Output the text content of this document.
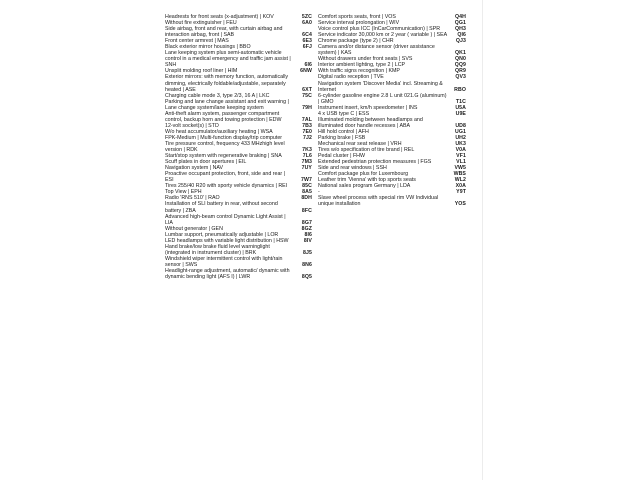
Headrests for front seats (x-adjustment) | KOV	5ZC
Without fire extinguisher | FEU	6A0
Side airbag, front and rear, with curtain airbag and interaction airbag, front | SAB	6C4
Front center armrest | MAS	6E3
Black exterior mirror housings | BBO	6FJ
Lane keeping system plus semi-automatic vehicle control in a medical emergency and traffic jam assist | SNH	6I6
Unsplit molding roof liner | HIM	6NW
Exterior mirrors: with memory function, automatically dimming, electrically foldable/adjustable, separately heated | ASE	6XT
Charging cable mode 3, type 2/3, 16 A | LKC	75C
Parking and lane change assistant and exit warning | Lane change system/lane keeping system	79H
Anti-theft alarm system, passenger compartment control, backup horn and towing protection | EDW	7AL
12-volt socket(s) | STD	7B3
W/o heat accumulator/auxiliary heating | WSA	7E0
FPK-Medium | Multi-function display/trip computer	7J2
Tire pressure control, frequency 433 MHzhigh level version | RDK	7K3
Start/stop system with regenerative braking | SNA	7L6
Scuff plates in door apertures | EIL	7M3
Navigation system | NAV	7UY
Proactive occupant protection, front, side and rear | ESI	7W7
Tires 255/40 R20 with sporty vehicle dynamics | REI	85C
Top View | EPH	8A5
Radio 'RNS 510' | RAO	8DH
Installation of SLI battery in rear, without second battery | ZBA	8FC
Advanced high-beam control Dynamic Light Assist | LIA	8G7
Without generator | GEN	8GZ
Lumbar support, pneumatically adjustable | LOR	8I6
LED headlamps with variable light distribution | HSW	8IV
Hand brake/low brake fluid level warninglight (integrated in instrument cluster) | BRK	8J5
Windshield wiper intermittent control with light/rain sensor | SWS	8N6
Headlight-range adjustment, automatic/ dynamic with dynamic bending light (AFS I) | LWR	8Q5
Comfort sports seats, front | VOS	Q4H
Service interval prolongation | WIV	QG1
Voice control plus ICC (InCarCommunication) | SPR	QH3
Service indicator 30,000 km or 2 year ( variable ) | SEA	QI6
Chrome package (type 2) | CHR	QJ3
Camera and/or distance sensor (driver assistance system) | KAS	QK1
Without drawers under front seats | SVS	QN0
Interior ambient lighting, type 2 | LCP	QQ9
With traffic signs recognition | KMP	QR9
Digital radio reception | TVE	QV3
Navigation system 'Discover Media' incl. Streaming & Internet	RBO
6-cylinder gasoline engine 2.8 L unit 021.G (aluminum) | GMO	T1C
Instrument insert, km/h speedometer | INS	U5A
4 x USB type C | ESS	U9E
Illuminated molding between headlamps and illuminated door handle recesses | ABA	UD8
Hill hold control | AFH	UG1
Parking brake | FSB	UH2
Mechanical rear seat release | VRH	UK3
Tires w/o specification of tire brand | REL	V0A
Pedal cluster | FHW	VF1
Extended pedestrian protection measures | FGS	VL1
Side and rear windows | SSH	VW5
Comfort package plus for Luxembourg	WBS
Leather trim 'Vienna' with top sports seats	WL2
National sales program Germany | LDA	X0A
-	Y9T
Slave wheel process with special rim VW Individual unique installation	YOS
